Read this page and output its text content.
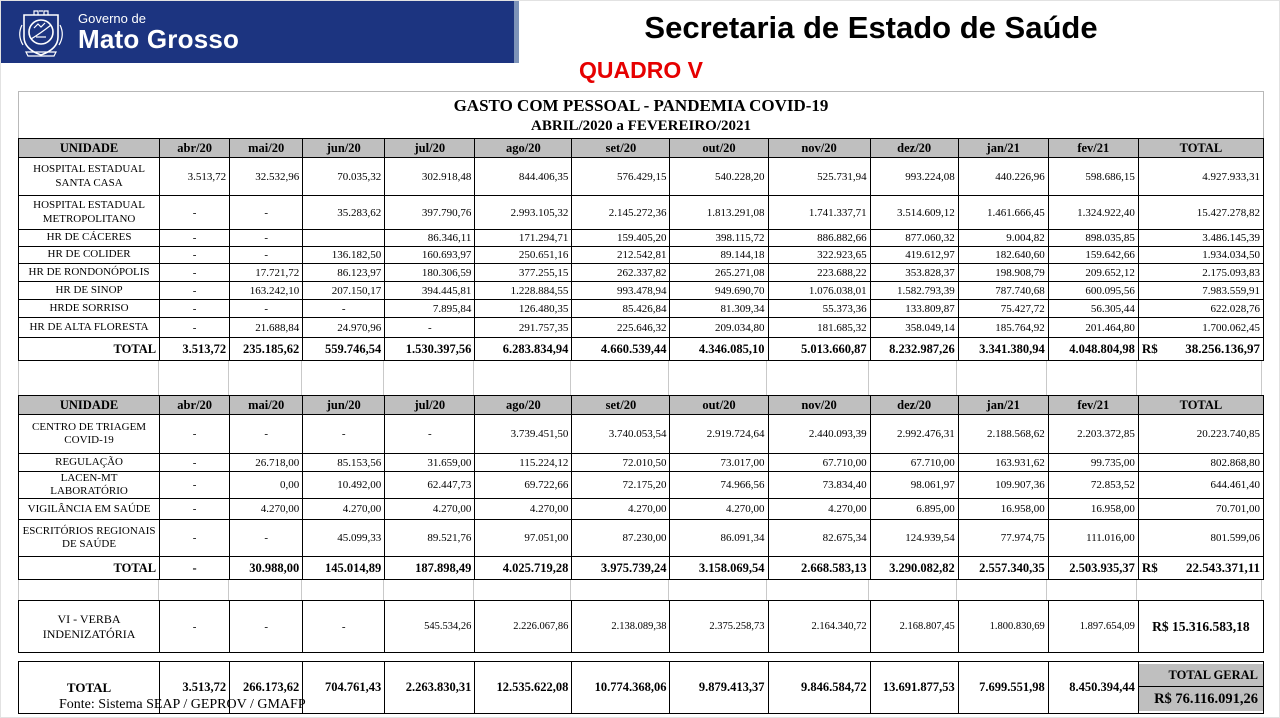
Governo de
Mato Grosso	Secretaria de Estado de Saúde
QUADRO V
GASTO COM PESSOAL - PANDEMIA COVID-19
ABRIL/2020 a FEVEREIRO/2021
UNIDADE	abr/20	mai/20	jun/20	jul/20	ago/20	set/20	out/20	nov/20	dez/20	jan/21	fev/21	TOTAL
HOSPITAL ESTADUAL SANTA CASA	3.513,72	32.532,96	70.035,32	302.918,48	844.406,35	576.429,15	540.228,20	525.731,94	993.224,08	440.226,96	598.686,15	4.927.933,31
HOSPITAL ESTADUAL METROPOLITANO	-	-	35.283,62	397.790,76	2.993.105,32	2.145.272,36	1.813.291,08	1.741.337,71	3.514.609,12	1.461.666,45	1.324.922,40	15.427.278,82
HR DE CÁCERES	-	-		86.346,11	171.294,71	159.405,20	398.115,72	886.882,66	877.060,32	9.004,82	898.035,85	3.486.145,39
HR DE COLIDER	-	-	136.182,50	160.693,97	250.651,16	212.542,81	89.144,18	322.923,65	419.612,97	182.640,60	159.642,66	1.934.034,50
HR DE RONDONÓPOLIS	-	17.721,72	86.123,97	180.306,59	377.255,15	262.337,82	265.271,08	223.688,22	353.828,37	198.908,79	209.652,12	2.175.093,83
HR DE SINOP	-	163.242,10	207.150,17	394.445,81	1.228.884,55	993.478,94	949.690,70	1.076.038,01	1.582.793,39	787.740,68	600.095,56	7.983.559,91
HRDE SORRISO	-	-	-	7.895,84	126.480,35	85.426,84	81.309,34	55.373,36	133.809,87	75.427,72	56.305,44	622.028,76
HR DE ALTA FLORESTA	-	21.688,84	24.970,96	-	291.757,35	225.646,32	209.034,80	181.685,32	358.049,14	185.764,92	201.464,80	1.700.062,45
TOTAL	3.513,72	235.185,62	559.746,54	1.530.397,56	6.283.834,94	4.660.539,44	4.346.085,10	5.013.660,87	8.232.987,26	3.341.380,94	4.048.804,98	R$ 38.256.136,97
UNIDADE	abr/20	mai/20	jun/20	jul/20	ago/20	set/20	out/20	nov/20	dez/20	jan/21	fev/21	TOTAL
CENTRO DE TRIAGEM COVID-19	-	-	-	-	3.739.451,50	3.740.053,54	2.919.724,64	2.440.093,39	2.992.476,31	2.188.568,62	2.203.372,85	20.223.740,85
REGULAÇÃO	-	26.718,00	85.153,56	31.659,00	115.224,12	72.010,50	73.017,00	67.710,00	67.710,00	163.931,62	99.735,00	802.868,80
LACEN-MT LABORATÓRIO	-	0,00	10.492,00	62.447,73	69.722,66	72.175,20	74.966,56	73.834,40	98.061,97	109.907,36	72.853,52	644.461,40
VIGILÂNCIA EM SAÚDE	-	4.270,00	4.270,00	4.270,00	4.270,00	4.270,00	4.270,00	4.270,00	6.895,00	16.958,00	16.958,00	70.701,00
ESCRITÓRIOS REGIONAIS DE SAÚDE	-	-	45.099,33	89.521,76	97.051,00	87.230,00	86.091,34	82.675,34	124.939,54	77.974,75	111.016,00	801.599,06
TOTAL	-	30.988,00	145.014,89	187.898,49	4.025.719,28	3.975.739,24	3.158.069,54	2.668.583,13	3.290.082,82	2.557.340,35	2.503.935,37	R$ 22.543.371,11
VI - VERBA INDENIZATÓRIA	-	-	-	545.534,26	2.226.067,86	2.138.089,38	2.375.258,73	2.164.340,72	2.168.807,45	1.800.830,69	1.897.654,09	R$ 15.316.583,18
TOTAL	3.513,72	266.173,62	704.761,43	2.263.830,31	12.535.622,08	10.774.368,06	9.879.413,37	9.846.584,72	13.691.877,53	7.699.551,98	8.450.394,44	
TOTAL GERAL
R$ 76.116.091,26
Fonte: Sistema SEAP / GEPROV / GMAFP
